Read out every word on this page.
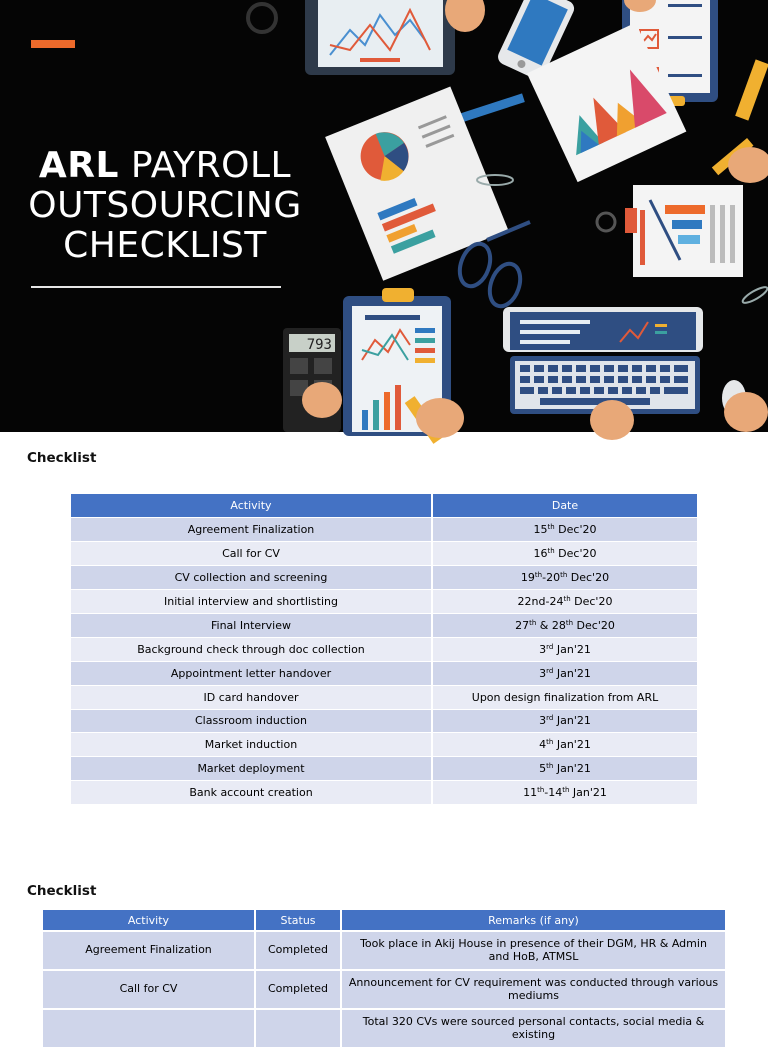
ARL PAYROLL
OUTSOURCING
CHECKLIST
793
Checklist
Activity	Date
Agreement Finalization	15th Dec'20
Call for CV	16th Dec'20
CV collection and screening	19th-20th Dec'20
Initial interview and shortlisting	22nd-24th Dec'20
Final Interview	27th & 28th Dec'20
Background check through doc collection	3rd Jan'21
Appointment letter handover	3rd Jan'21
ID card handover	Upon design finalization from ARL
Classroom induction	3rd Jan'21
Market induction	4th Jan'21
Market deployment	5th Jan'21
Bank account creation	11th-14th Jan'21
Checklist
Activity	Status	Remarks (if any)
Agreement Finalization	Completed	Took place in Akij House in presence of their DGM, HR & Admin and HoB, ATMSL
Call for CV	Completed	Announcement for CV requirement was conducted through various mediums
		Total 320 CVs were sourced personal contacts, social media & existing
